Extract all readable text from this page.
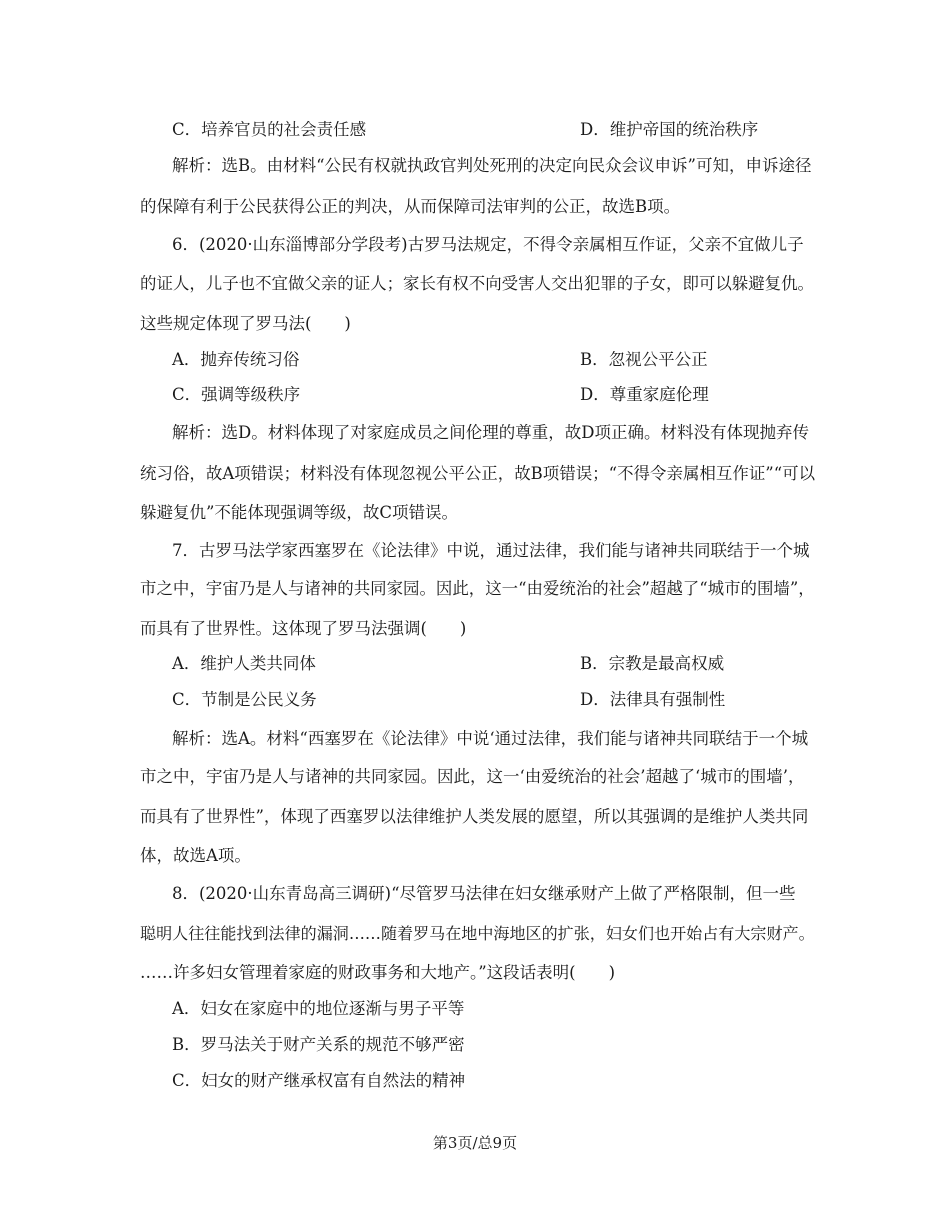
C．培养官员的社会责任感	D．维护帝国的统治秩序
解析：选B。由材料“公民有权就执政官判处死刑的决定向民众会议申诉”可知，申诉途径
的保障有利于公民获得公正的判决，从而保障司法审判的公正，故选B项。
6．(2020·山东淄博部分学段考)古罗马法规定，不得令亲属相互作证，父亲不宜做儿子
的证人，儿子也不宜做父亲的证人；家长有权不向受害人交出犯罪的子女，即可以躲避复仇。
这些规定体现了罗马法(　　)
A．抛弃传统习俗	B．忽视公平公正
C．强调等级秩序	D．尊重家庭伦理
解析：选D。材料体现了对家庭成员之间伦理的尊重，故D项正确。材料没有体现抛弃传
统习俗，故A项错误；材料没有体现忽视公平公正，故B项错误；“不得令亲属相互作证”“可以
躲避复仇”不能体现强调等级，故C项错误。
7．古罗马法学家西塞罗在《论法律》中说，通过法律，我们能与诸神共同联结于一个城
市之中，宇宙乃是人与诸神的共同家园。因此，这一“由爱统治的社会”超越了“城市的围墙”，
而具有了世界性。这体现了罗马法强调(　　)
A．维护人类共同体	B．宗教是最高权威
C．节制是公民义务	D．法律具有强制性
解析：选A。材料“西塞罗在《论法律》中说‘通过法律，我们能与诸神共同联结于一个城
市之中，宇宙乃是人与诸神的共同家园。因此，这一‘由爱统治的社会’超越了‘城市的围墙’，
而具有了世界性”，体现了西塞罗以法律维护人类发展的愿望，所以其强调的是维护人类共同
体，故选A项。
8．(2020·山东青岛高三调研)“尽管罗马法律在妇女继承财产上做了严格限制，但一些
聪明人往往能找到法律的漏洞……随着罗马在地中海地区的扩张，妇女们也开始占有大宗财产。
……许多妇女管理着家庭的财政事务和大地产。”这段话表明(　　)
A．妇女在家庭中的地位逐渐与男子平等
B．罗马法关于财产关系的规范不够严密
C．妇女的财产继承权富有自然法的精神
第3页/总9页
